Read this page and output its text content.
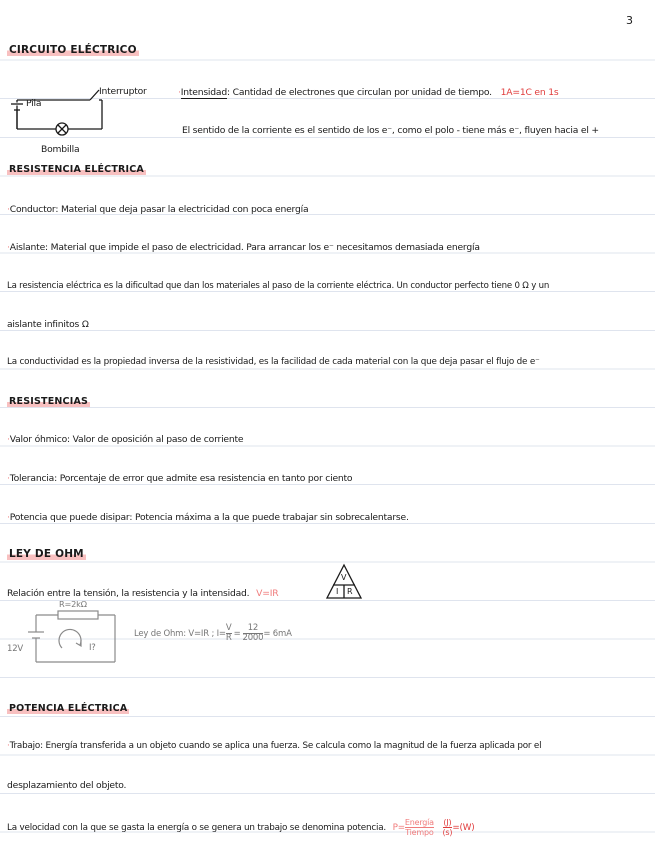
3
CIRCUITO ELÉCTRICO
Interruptor
Pila
Bombilla
·Intensidad: Cantidad de electrones que circulan por unidad de tiempo. 1A=1C en 1s
El sentido de la corriente es el sentido de los e⁻, como el polo - tiene más e⁻, fluyen hacia el +
RESISTENCIA ELÉCTRICA
·Conductor: Material que deja pasar la electricidad con poca energía
·Aislante: Material que impide el paso de electricidad. Para arrancar los e⁻ necesitamos demasiada energía
La resistencia eléctrica es la dificultad que dan los materiales al paso de la corriente eléctrica. Un conductor perfecto tiene 0 Ω y un
aislante infinitos Ω
La conductividad es la propiedad inversa de la resistividad, es la facilidad de cada material con la que deja pasar el flujo de e⁻
RESISTENCIAS
·Valor óhmico: Valor de oposición al paso de corriente
·Tolerancia: Porcentaje de error que admite esa resistencia en tanto por ciento
·Potencia que puede disipar: Potencia máxima a la que puede trabajar sin sobrecalentarse.
LEY DE OHM
Relación entre la tensión, la resistencia y la intensidad. V=IR
V
I R
R=2kΩ
12V	I?
Ley de Ohm: V=IR ; $I= \frac{V}{R} = \frac{12}{2000} = 6mA$
POTENCIA ELÉCTRICA
·Trabajo: Energía transferida a un objeto cuando se aplica una fuerza. Se calcula como la magnitud de la fuerza aplicada por el
desplazamiento del objeto.
La velocidad con la que se gasta la energía o se genera un trabajo se denomina potencia. $P= \frac{\text{Energía}}{\text{Tiempo}}$
$\frac{(J)}{(s)} =(W)$
